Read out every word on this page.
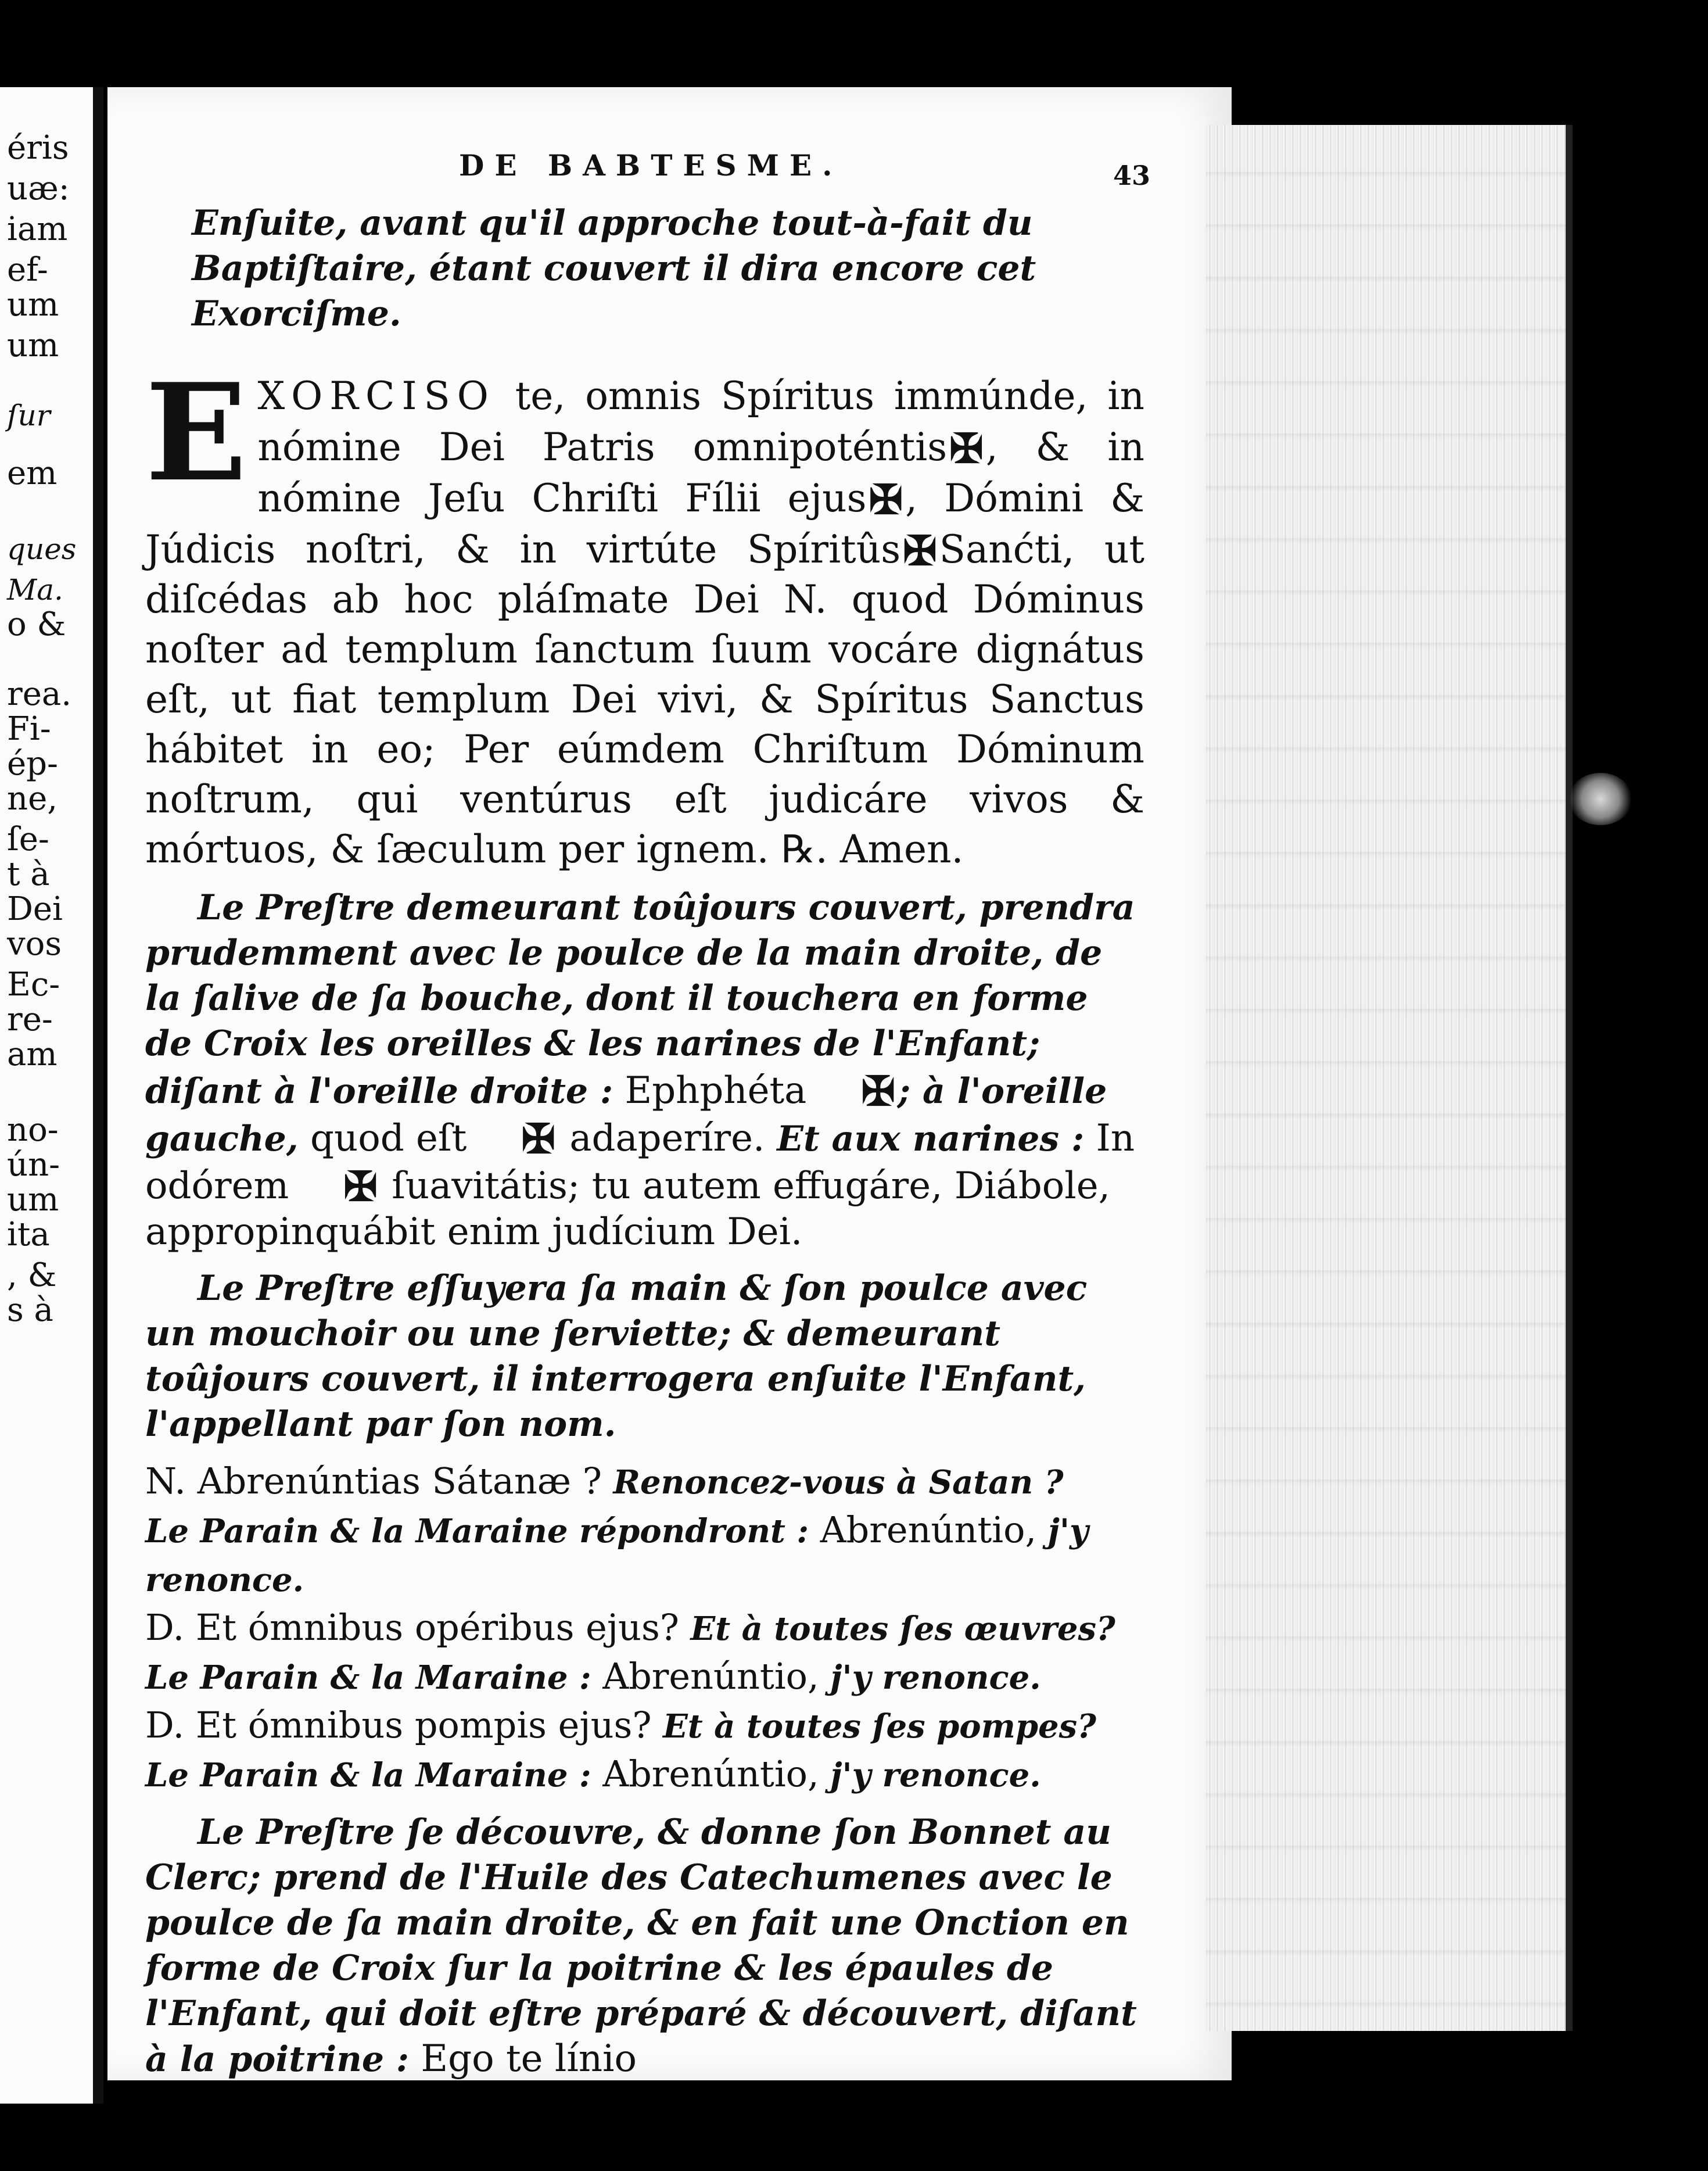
éris
uæ:
iam
ef-
um
um
ſur
em
ques
Ma.
o &
rea.
Fi-
ép-
ne,
ſe-
t à
Dei
vos
Ec-
re-
am
no-
ún-
um
ita
, &
s à
DE BABTESME.	43

Enſuite, avant qu'il approche tout-à-fait du Baptiſtaire, étant couvert il dira encore cet Exorciſme.

E XORCISO te, omnis Spíritus immúnde, in nómine Dei Patris omnipoténtis✠, & in nómine Jeſu Chriſti Fílii ejus✠, Dómini & Júdicis noſtri, & in virtúte Spíritûs✠Sanćti, ut diſcédas ab hoc pláſmate Dei N. quod Dóminus noſter ad templum ſanctum ſuum vocáre dignátus eſt, ut fiat templum Dei vivi, & Spíritus Sanctus hábitet in eo; Per eúmdem Chriſtum Dóminum noſtrum, qui ventúrus eſt judicáre vivos & mórtuos, & ſæculum per ignem. ℞. Amen.

Le Preſtre demeurant toûjours couvert, prendra prudemment avec le poulce de la main droite, de la ſalive de ſa bouche, dont il touchera en forme de Croix les oreilles & les narines de l'Enfant; diſant à l'oreille droite : Ephphéta ✠; à l'oreille gauche, quod eſt ✠ adaperíre. Et aux narines : In odórem ✠ ſuavitátis; tu autem effugáre, Diábole, appropinquábit enim judícium Dei.

Le Preſtre eſſuyera ſa main & ſon poulce avec un mouchoir ou une ſerviette; & demeurant toûjours couvert, il interrogera enſuite l'Enfant, l'appellant par ſon nom.

N. Abrenúntias Sátanæ ? Renoncez-vous à Satan ?

Le Parain & la Maraine répondront : Abrenúntio, j'y renonce.

D. Et ómnibus opéribus ejus? Et à toutes ſes œuvres?

Le Parain & la Maraine : Abrenúntio, j'y renonce.

D. Et ómnibus pompis ejus? Et à toutes ſes pompes?

Le Parain & la Maraine : Abrenúntio, j'y renonce.

Le Preſtre ſe découvre, & donne ſon Bonnet au Clerc; prend de l'Huile des Catechumenes avec le poulce de ſa main droite, & en fait une Onction en forme de Croix ſur la poitrine & les épaules de l'Enfant, qui doit eſtre préparé & découvert, diſant à la poitrine : Ego te línio
